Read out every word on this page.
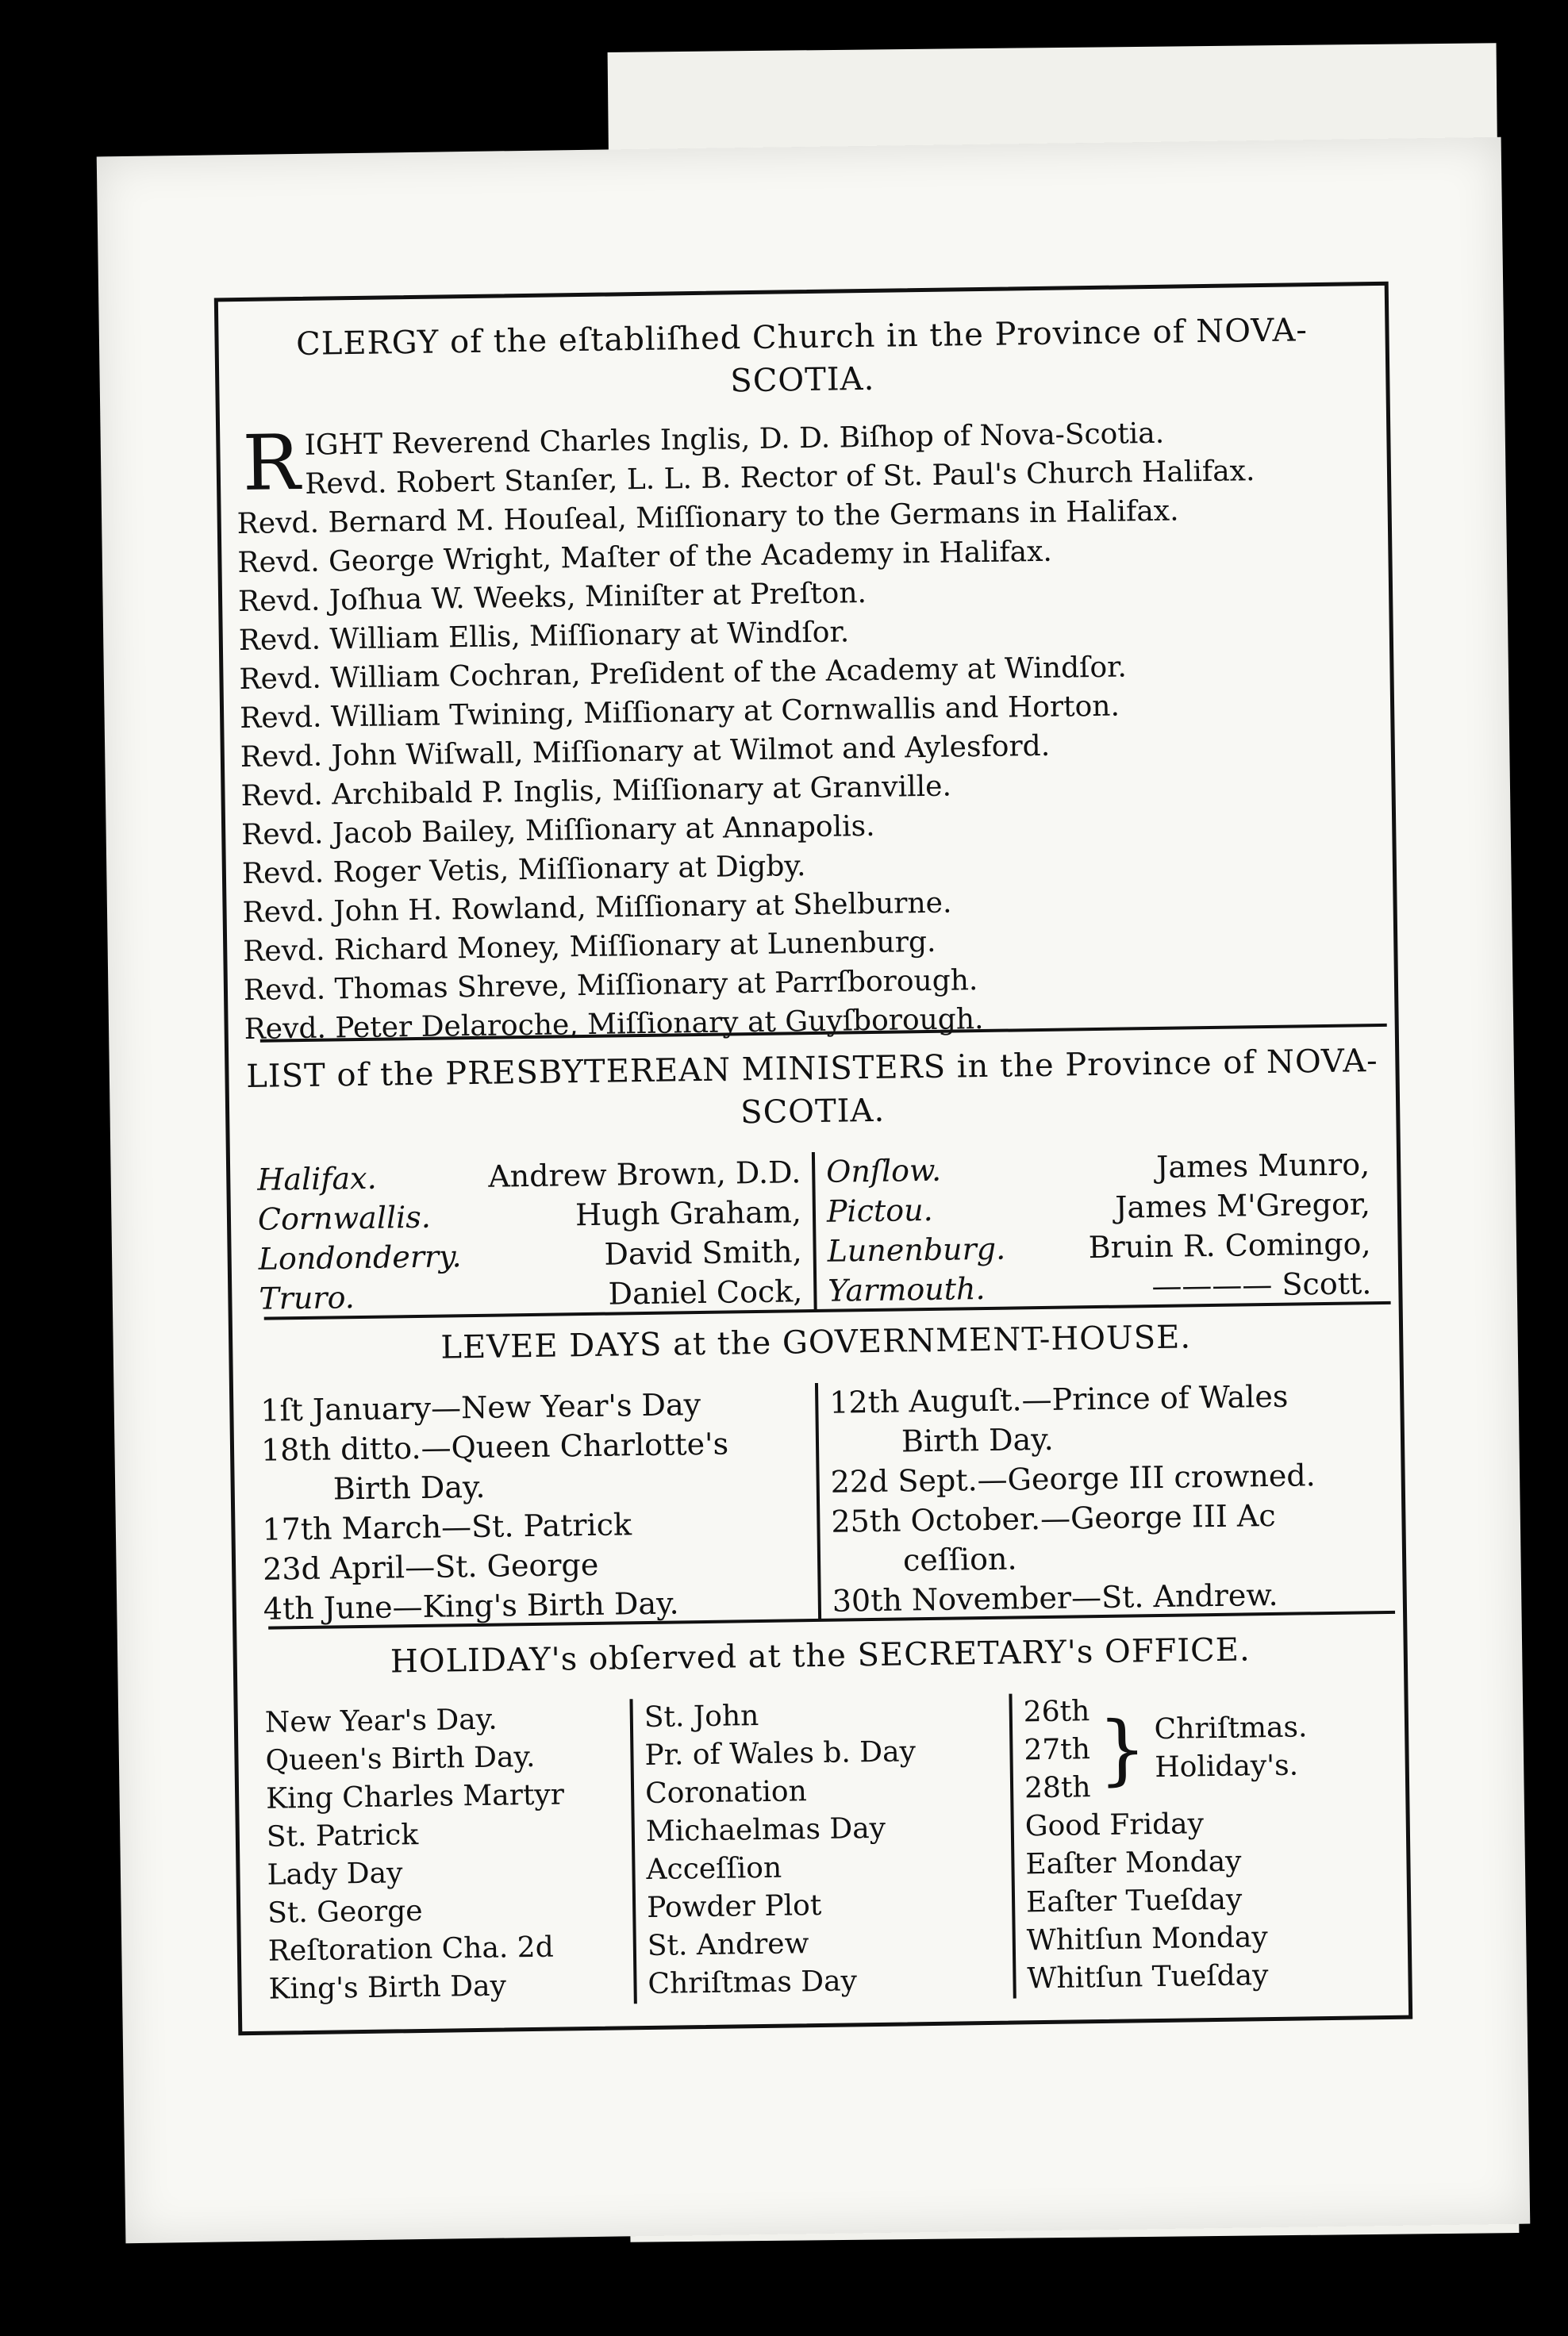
CLERGY of the eſtabliſhed Church in the Province of NOVA-SCOTIA.
R IGHT Reverend Charles Inglis, D. D. Biſhop of Nova-Scotia.
Revd. Robert Stanſer, L. L. B. Rector of St. Paul's Church Halifax.
Revd. Bernard M. Houſeal, Miſſionary to the Germans in Halifax.
Revd. George Wright, Maſter of the Academy in Halifax.
Revd. Joſhua W. Weeks, Miniſter at Preſton.
Revd. William Ellis, Miſſionary at Windſor.
Revd. William Cochran, Preſident of the Academy at Windſor.
Revd. William Twining, Miſſionary at Cornwallis and Horton.
Revd. John Wiſwall, Miſſionary at Wilmot and Aylesford.
Revd. Archibald P. Inglis, Miſſionary at Granville.
Revd. Jacob Bailey, Miſſionary at Annapolis.
Revd. Roger Vetis, Miſſionary at Digby.
Revd. John H. Rowland, Miſſionary at Shelburne.
Revd. Richard Money, Miſſionary at Lunenburg.
Revd. Thomas Shreve, Miſſionary at Parrſborough.
Revd. Peter Delaroche, Miſſionary at Guyſborough.
LIST of the PRESBYTEREAN MINISTERS in the Province of NOVA-SCOTIA.
Halifax.	Andrew Brown, D.D.
Cornwallis.	Hugh Graham,
Londonderry.	David Smith,
Truro.	Daniel Cock,
Onſlow.	James Munro,
Pictou.	James M'Gregor,
Lunenburg.	Bruin R. Comingo,
Yarmouth.	———— Scott.
LEVEE DAYS at the GOVERNMENT-HOUSE.
1ſt January—New Year's Day
18th ditto.—Queen Charlotte's
Birth Day.
17th March—St. Patrick
23d April—St. George
4th June—King's Birth Day.
12th Auguſt.—Prince of Wales
Birth Day.
22d Sept.—George III crowned.
25th October.—George III Ac
ceſſion.
30th November—St. Andrew.
HOLIDAY's obſerved at the SECRETARY's OFFICE.
New Year's Day.
Queen's Birth Day.
King Charles Martyr
St. Patrick
Lady Day
St. George
Reſtoration Cha. 2d
King's Birth Day
St. John
Pr. of Wales b. Day
Coronation
Michaelmas Day
Acceſſion
Powder Plot
St. Andrew
Chriſtmas Day
26th
27th
28th } Chriſtmas.
Holiday's.
Good Friday
Eaſter Monday
Eaſter Tueſday
Whitſun Monday
Whitſun Tueſday
